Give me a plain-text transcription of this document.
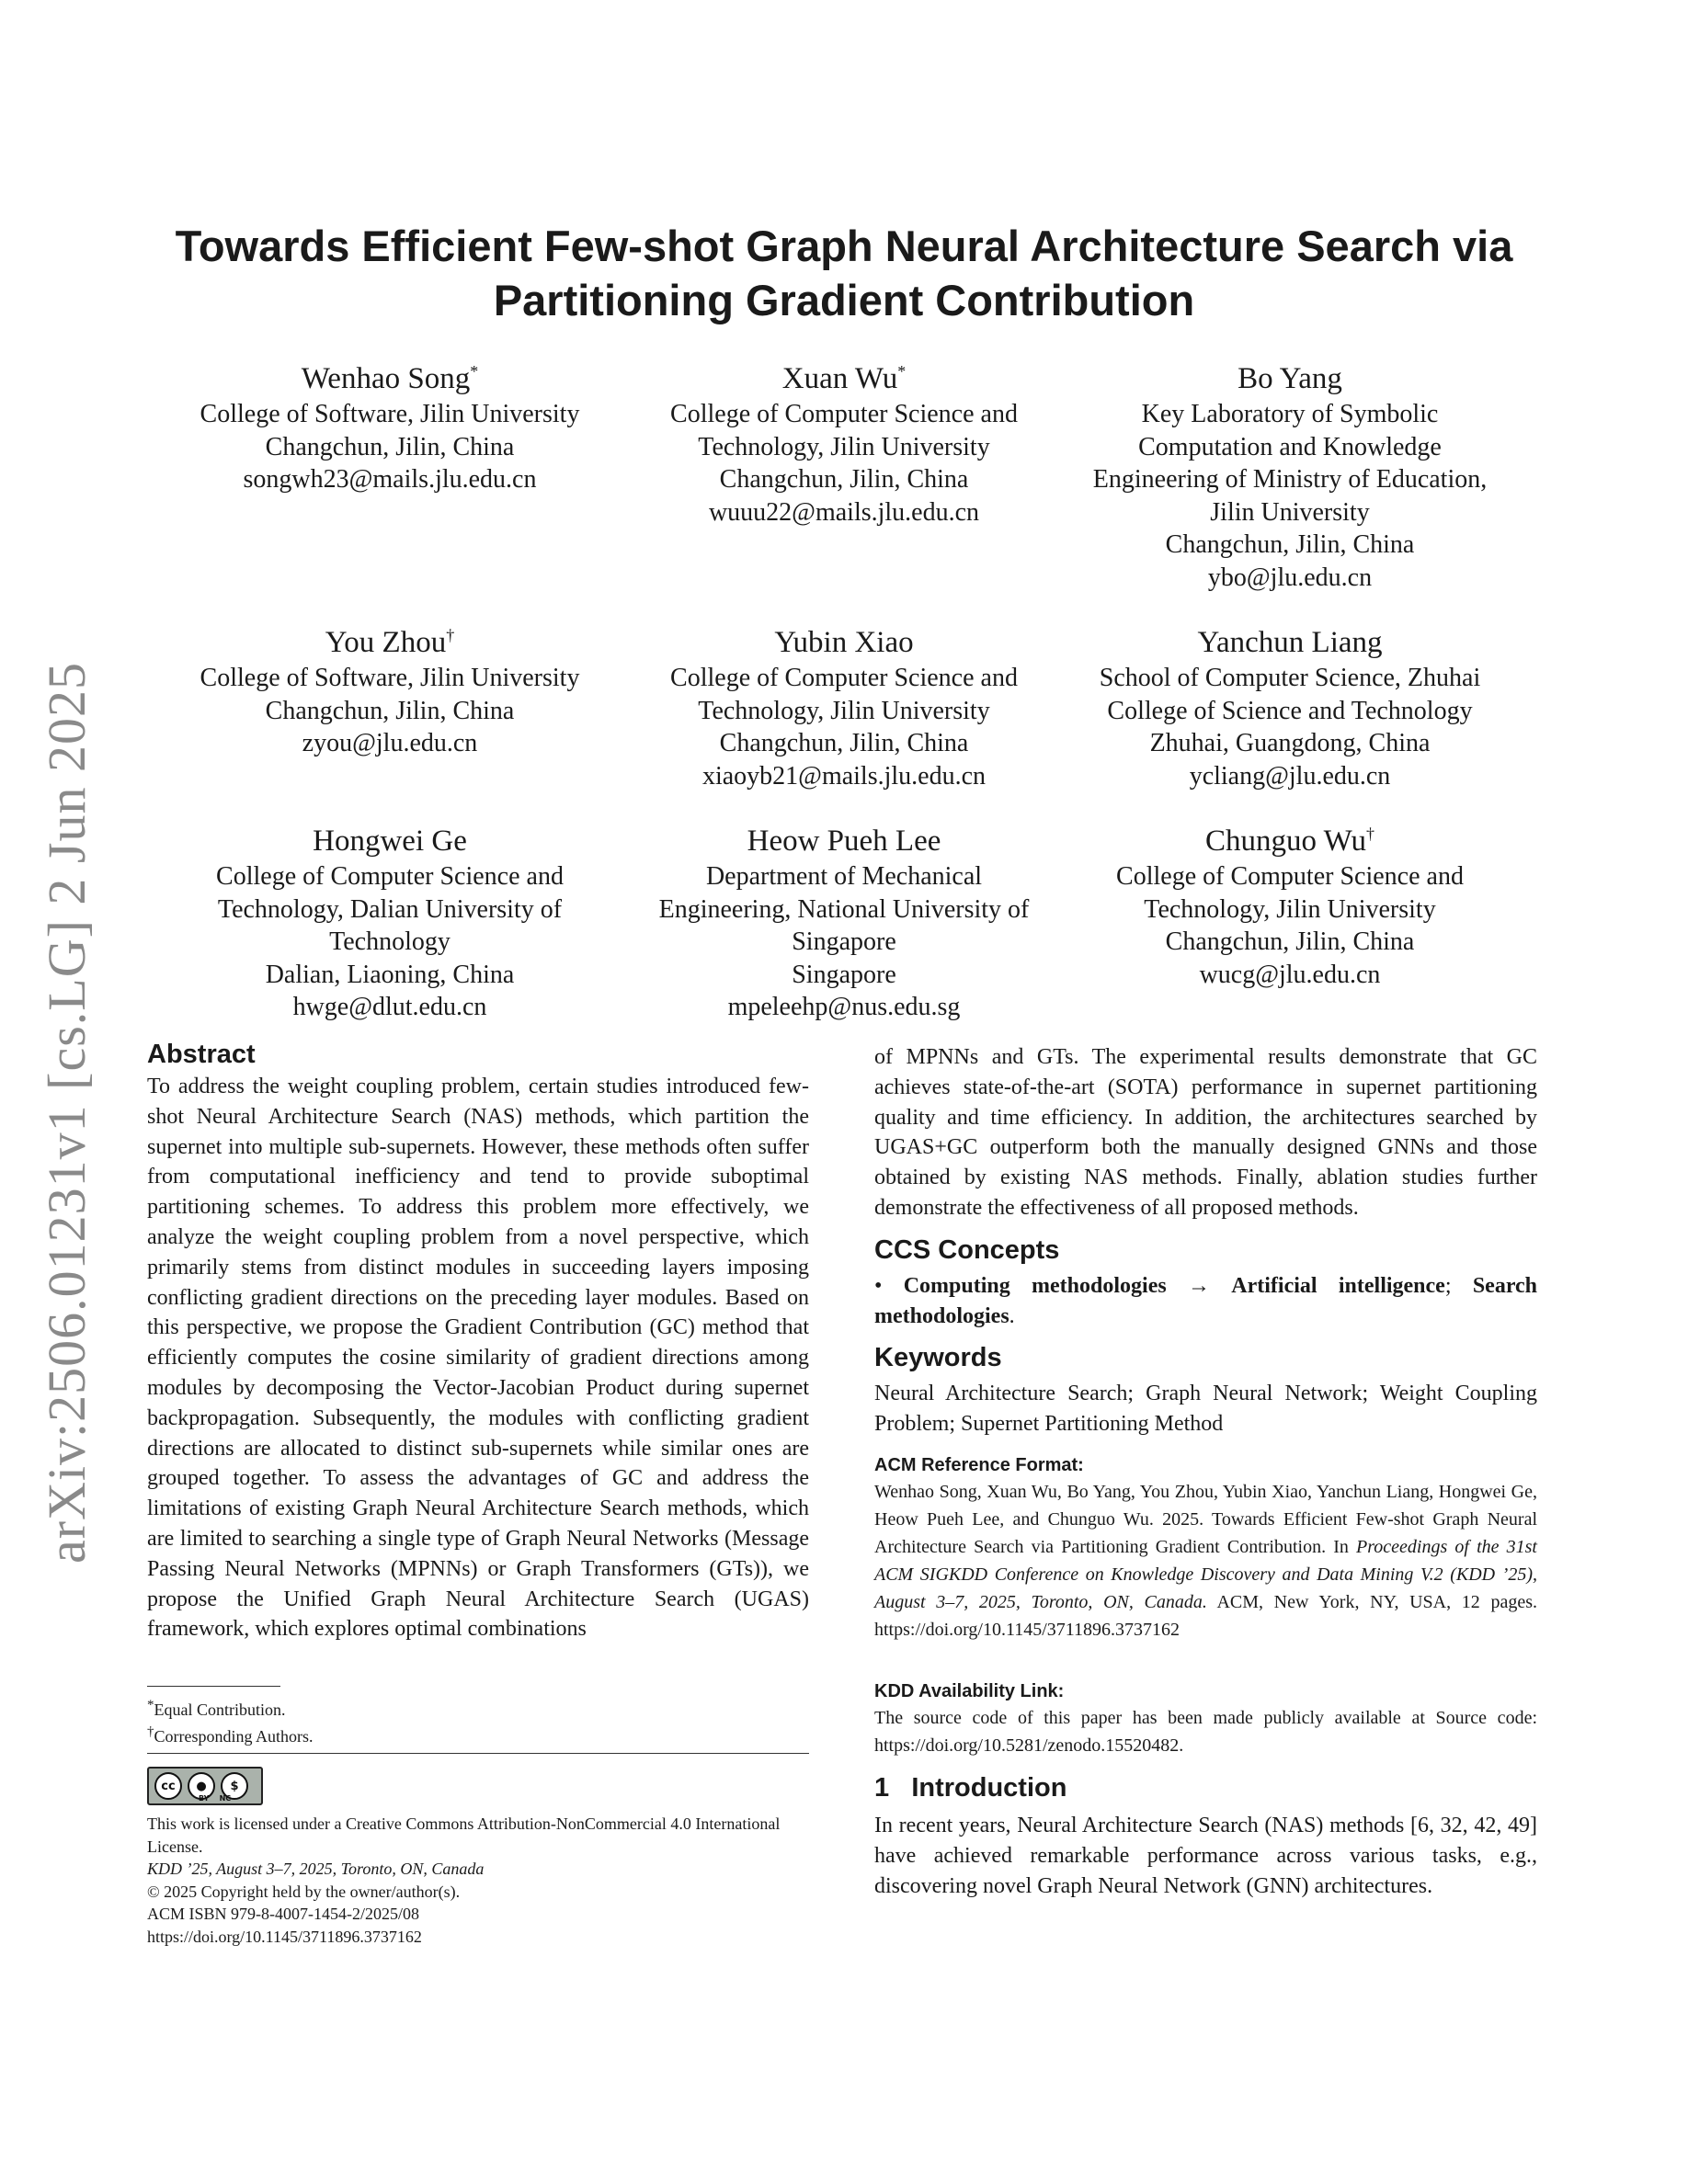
arXiv:2506.01231v1 [cs.LG] 2 Jun 2025
Towards Efficient Few-shot Graph Neural Architecture Search via
Partitioning Gradient Contribution
Wenhao Song*
College of Software, Jilin University
Changchun, Jilin, China
songwh23@mails.jlu.edu.cn
Xuan Wu*
College of Computer Science and
Technology, Jilin University
Changchun, Jilin, China
wuuu22@mails.jlu.edu.cn
Bo Yang
Key Laboratory of Symbolic
Computation and Knowledge
Engineering of Ministry of Education,
Jilin University
Changchun, Jilin, China
ybo@jlu.edu.cn
You Zhou†
College of Software, Jilin University
Changchun, Jilin, China
zyou@jlu.edu.cn
Yubin Xiao
College of Computer Science and
Technology, Jilin University
Changchun, Jilin, China
xiaoyb21@mails.jlu.edu.cn
Yanchun Liang
School of Computer Science, Zhuhai
College of Science and Technology
Zhuhai, Guangdong, China
ycliang@jlu.edu.cn
Hongwei Ge
College of Computer Science and
Technology, Dalian University of
Technology
Dalian, Liaoning, China
hwge@dlut.edu.cn
Heow Pueh Lee
Department of Mechanical
Engineering, National University of
Singapore
Singapore
mpeleehp@nus.edu.sg
Chunguo Wu†
College of Computer Science and
Technology, Jilin University
Changchun, Jilin, China
wucg@jlu.edu.cn
Abstract

To address the weight coupling problem, certain studies introduced few-shot Neural Architecture Search (NAS) methods, which partition the supernet into multiple sub-supernets. However, these methods often suffer from computational inefficiency and tend to provide suboptimal partitioning schemes. To address this problem more effectively, we analyze the weight coupling problem from a novel perspective, which primarily stems from distinct modules in succeeding layers imposing conflicting gradient directions on the preceding layer modules. Based on this perspective, we propose the Gradient Contribution (GC) method that efficiently computes the cosine similarity of gradient directions among modules by decomposing the Vector-Jacobian Product during supernet backpropagation. Subsequently, the modules with conflicting gradient directions are allocated to distinct sub-supernets while similar ones are grouped together. To assess the advantages of GC and address the limitations of existing Graph Neural Architecture Search methods, which are limited to searching a single type of Graph Neural Networks (Message Passing Neural Networks (MPNNs) or Graph Transformers (GTs)), we propose the Unified Graph Neural Architecture Search (UGAS) framework, which explores optimal combinations

*Equal Contribution.
†Corresponding Authors.
cc	●	$
BY NC
This work is licensed under a Creative Commons Attribution-NonCommercial 4.0 International License.
KDD ’25, August 3–7, 2025, Toronto, ON, Canada
© 2025 Copyright held by the owner/author(s).
ACM ISBN 979-8-4007-1454-2/2025/08
https://doi.org/10.1145/3711896.3737162

of MPNNs and GTs. The experimental results demonstrate that GC achieves state-of-the-art (SOTA) performance in supernet partitioning quality and time efficiency. In addition, the architectures searched by UGAS+GC outperform both the manually designed GNNs and those obtained by existing NAS methods. Finally, ablation studies further demonstrate the effectiveness of all proposed methods.

CCS Concepts

• Computing methodologies → Artificial intelligence; Search methodologies.

Keywords

Neural Architecture Search; Graph Neural Network; Weight Coupling Problem; Supernet Partitioning Method

ACM Reference Format:

Wenhao Song, Xuan Wu, Bo Yang, You Zhou, Yubin Xiao, Yanchun Liang, Hongwei Ge, Heow Pueh Lee, and Chunguo Wu. 2025. Towards Efficient Few-shot Graph Neural Architecture Search via Partitioning Gradient Contribution. In Proceedings of the 31st ACM SIGKDD Conference on Knowledge Discovery and Data Mining V.2 (KDD ’25), August 3–7, 2025, Toronto, ON, Canada. ACM, New York, NY, USA, 12 pages. https://doi.org/10.1145/3711896.3737162

KDD Availability Link:

The source code of this paper has been made publicly available at Source code: https://doi.org/10.5281/zenodo.15520482.

1 Introduction

In recent years, Neural Architecture Search (NAS) methods [6, 32, 42, 49] have achieved remarkable performance across various tasks, e.g., discovering novel Graph Neural Network (GNN) architectures.
